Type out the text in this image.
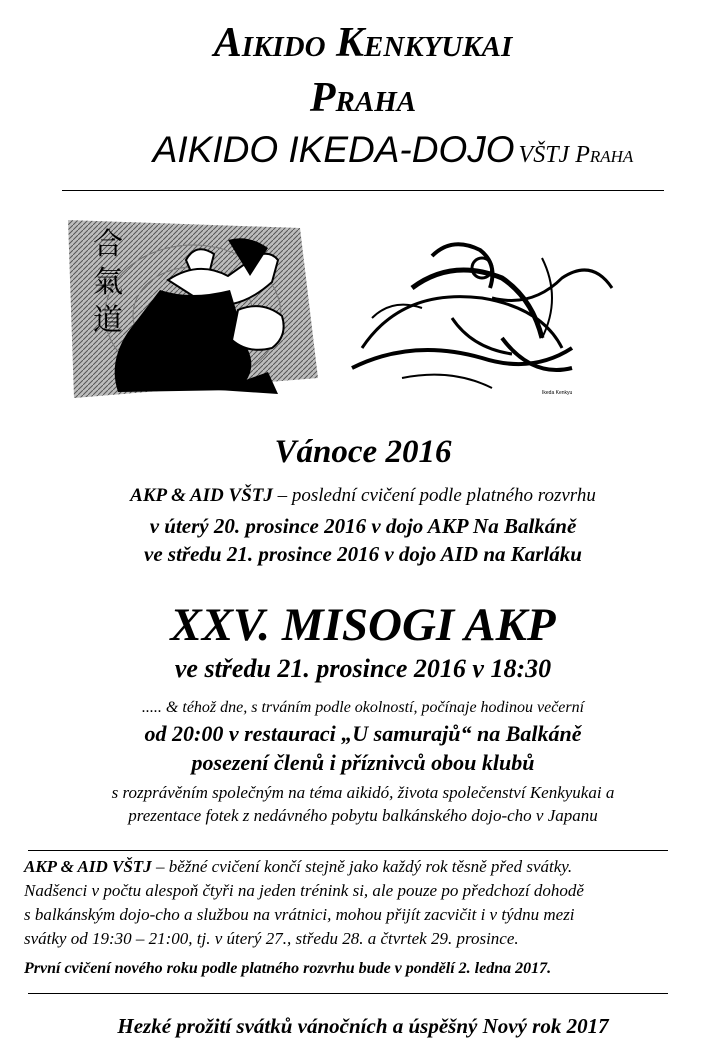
Aikido Kenkyukai
Praha
AIKIDO IKEDA-DOJO VŠTJ Praha
合
氣
道
Ikeda Kenkyu
Vánoce 2016
AKP & AID VŠTJ – poslední cvičení podle platného rozvrhu
v úterý 20. prosince 2016 v dojo AKP Na Balkáně
ve středu 21. prosince 2016 v dojo AID na Karláku
XXV. MISOGI AKP
ve středu 21. prosince 2016 v 18:30
..... & téhož dne, s trváním podle okolností, počínaje hodinou večerní
od 20:00 v restauraci „U samurajů“ na Balkáně
posezení členů i příznivců obou klubů
s rozprávěním společným na téma aikidó, života společenství Kenkyukai a
prezentace fotek z nedávného pobytu balkánského dojo-cho v Japanu
AKP & AID VŠTJ – běžné cvičení končí stejně jako každý rok těsně před svátky.
Nadšenci v počtu alespoň čtyři na jeden trénink si, ale pouze po předchozí dohodě
s balkánským dojo-cho a službou na vrátnici, mohou přijít zacvičit i v týdnu mezi
svátky od 19:30 – 21:00, tj. v úterý 27., středu 28. a čtvrtek 29. prosince.
První cvičení nového roku podle platného rozvrhu bude v pondělí 2. ledna 2017.
Hezké prožití svátků vánočních a úspěšný Nový rok 2017
